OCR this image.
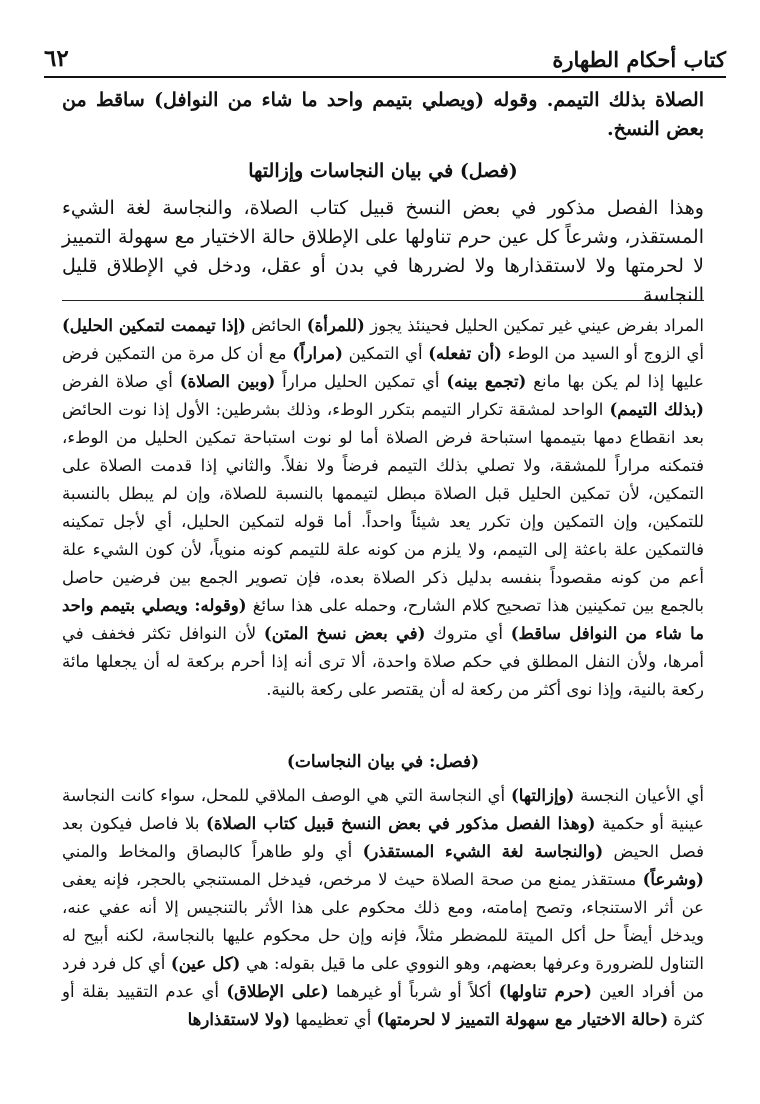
كتاب أحكام الطهارة
٦٢

الصلاة بذلك التيمم. وقوله (ويصلي بتيمم واحد ما شاء من النوافل) ساقط من بعض النسخ.

(فصل) في بيان النجاسات وإزالتها

وهذا الفصل مذكور في بعض النسخ قبيل كتاب الصلاة، والنجاسة لغة الشيء المستقذر، وشرعاً كل عين حرم تناولها على الإطلاق حالة الاختيار مع سهولة التمييز لا لحرمتها ولا لاستقذارها ولا لضررها في بدن أو عقل، ودخل في الإطلاق قليل النجاسة

المراد بفرض عيني غير تمكين الحليل فحينئذ يجوز (للمرأة) الحائض (إذا تيممت لتمكين الحليل) أي الزوج أو السيد من الوطء (أن تفعله) أي التمكين (مراراً) مع أن كل مرة من التمكين فرض عليها إذا لم يكن بها مانع (تجمع بينه) أي تمكين الحليل مراراً (وبين الصلاة) أي صلاة الفرض (بذلك التيمم) الواحد لمشقة تكرار التيمم بتكرر الوطء، وذلك بشرطين: الأول إذا نوت الحائض بعد انقطاع دمها بتيممها استباحة فرض الصلاة أما لو نوت استباحة تمكين الحليل من الوطء، فتمكنه مراراً للمشقة، ولا تصلي بذلك التيمم فرضاً ولا نفلاً. والثاني إذا قدمت الصلاة على التمكين، لأن تمكين الحليل قبل الصلاة مبطل لتيممها بالنسبة للصلاة، وإن لم يبطل بالنسبة للتمكين، وإن التمكين وإن تكرر يعد شيئاً واحداً. أما قوله لتمكين الحليل، أي لأجل تمكينه فالتمكين علة باعثة إلى التيمم، ولا يلزم من كونه علة للتيمم كونه منوياً، لأن كون الشيء علة أعم من كونه مقصوداً بنفسه بدليل ذكر الصلاة بعده، فإن تصوير الجمع بين فرضين حاصل بالجمع بين تمكينين هذا تصحيح كلام الشارح، وحمله على هذا سائغ (وقوله: ويصلي بتيمم واحد ما شاء من النوافل ساقط) أي متروك (في بعض نسخ المتن) لأن النوافل تكثر فخفف في أمرها، ولأن النفل المطلق في حكم صلاة واحدة، ألا ترى أنه إذا أحرم بركعة له أن يجعلها مائة ركعة بالنية، وإذا نوى أكثر من ركعة له أن يقتصر على ركعة بالنية.

(فصل: في بيان النجاسات)

أي الأعيان النجسة (وإزالتها) أي النجاسة التي هي الوصف الملاقي للمحل، سواء كانت النجاسة عينية أو حكمية (وهذا الفصل مذكور في بعض النسخ قبيل كتاب الصلاة) بلا فاصل فيكون بعد فصل الحيض (والنجاسة لغة الشيء المستقذر) أي ولو طاهراً كالبصاق والمخاط والمني (وشرعاً) مستقذر يمنع من صحة الصلاة حيث لا مرخص، فيدخل المستنجي بالحجر، فإنه يعفى عن أثر الاستنجاء، وتصح إمامته، ومع ذلك محكوم على هذا الأثر بالتنجيس إلا أنه عفي عنه، ويدخل أيضاً حل أكل الميتة للمضطر مثلاً، فإنه وإن حل محكوم عليها بالنجاسة، لكنه أبيح له التناول للضرورة وعرفها بعضهم، وهو النووي على ما قيل بقوله: هي (كل عين) أي كل فرد فرد من أفراد العين (حرم تناولها) أكلاً أو شرباً أو غيرهما (على الإطلاق) أي عدم التقييد بقلة أو كثرة (حالة الاختيار مع سهولة التمييز لا لحرمتها) أي تعظيمها (ولا لاستقذارها
